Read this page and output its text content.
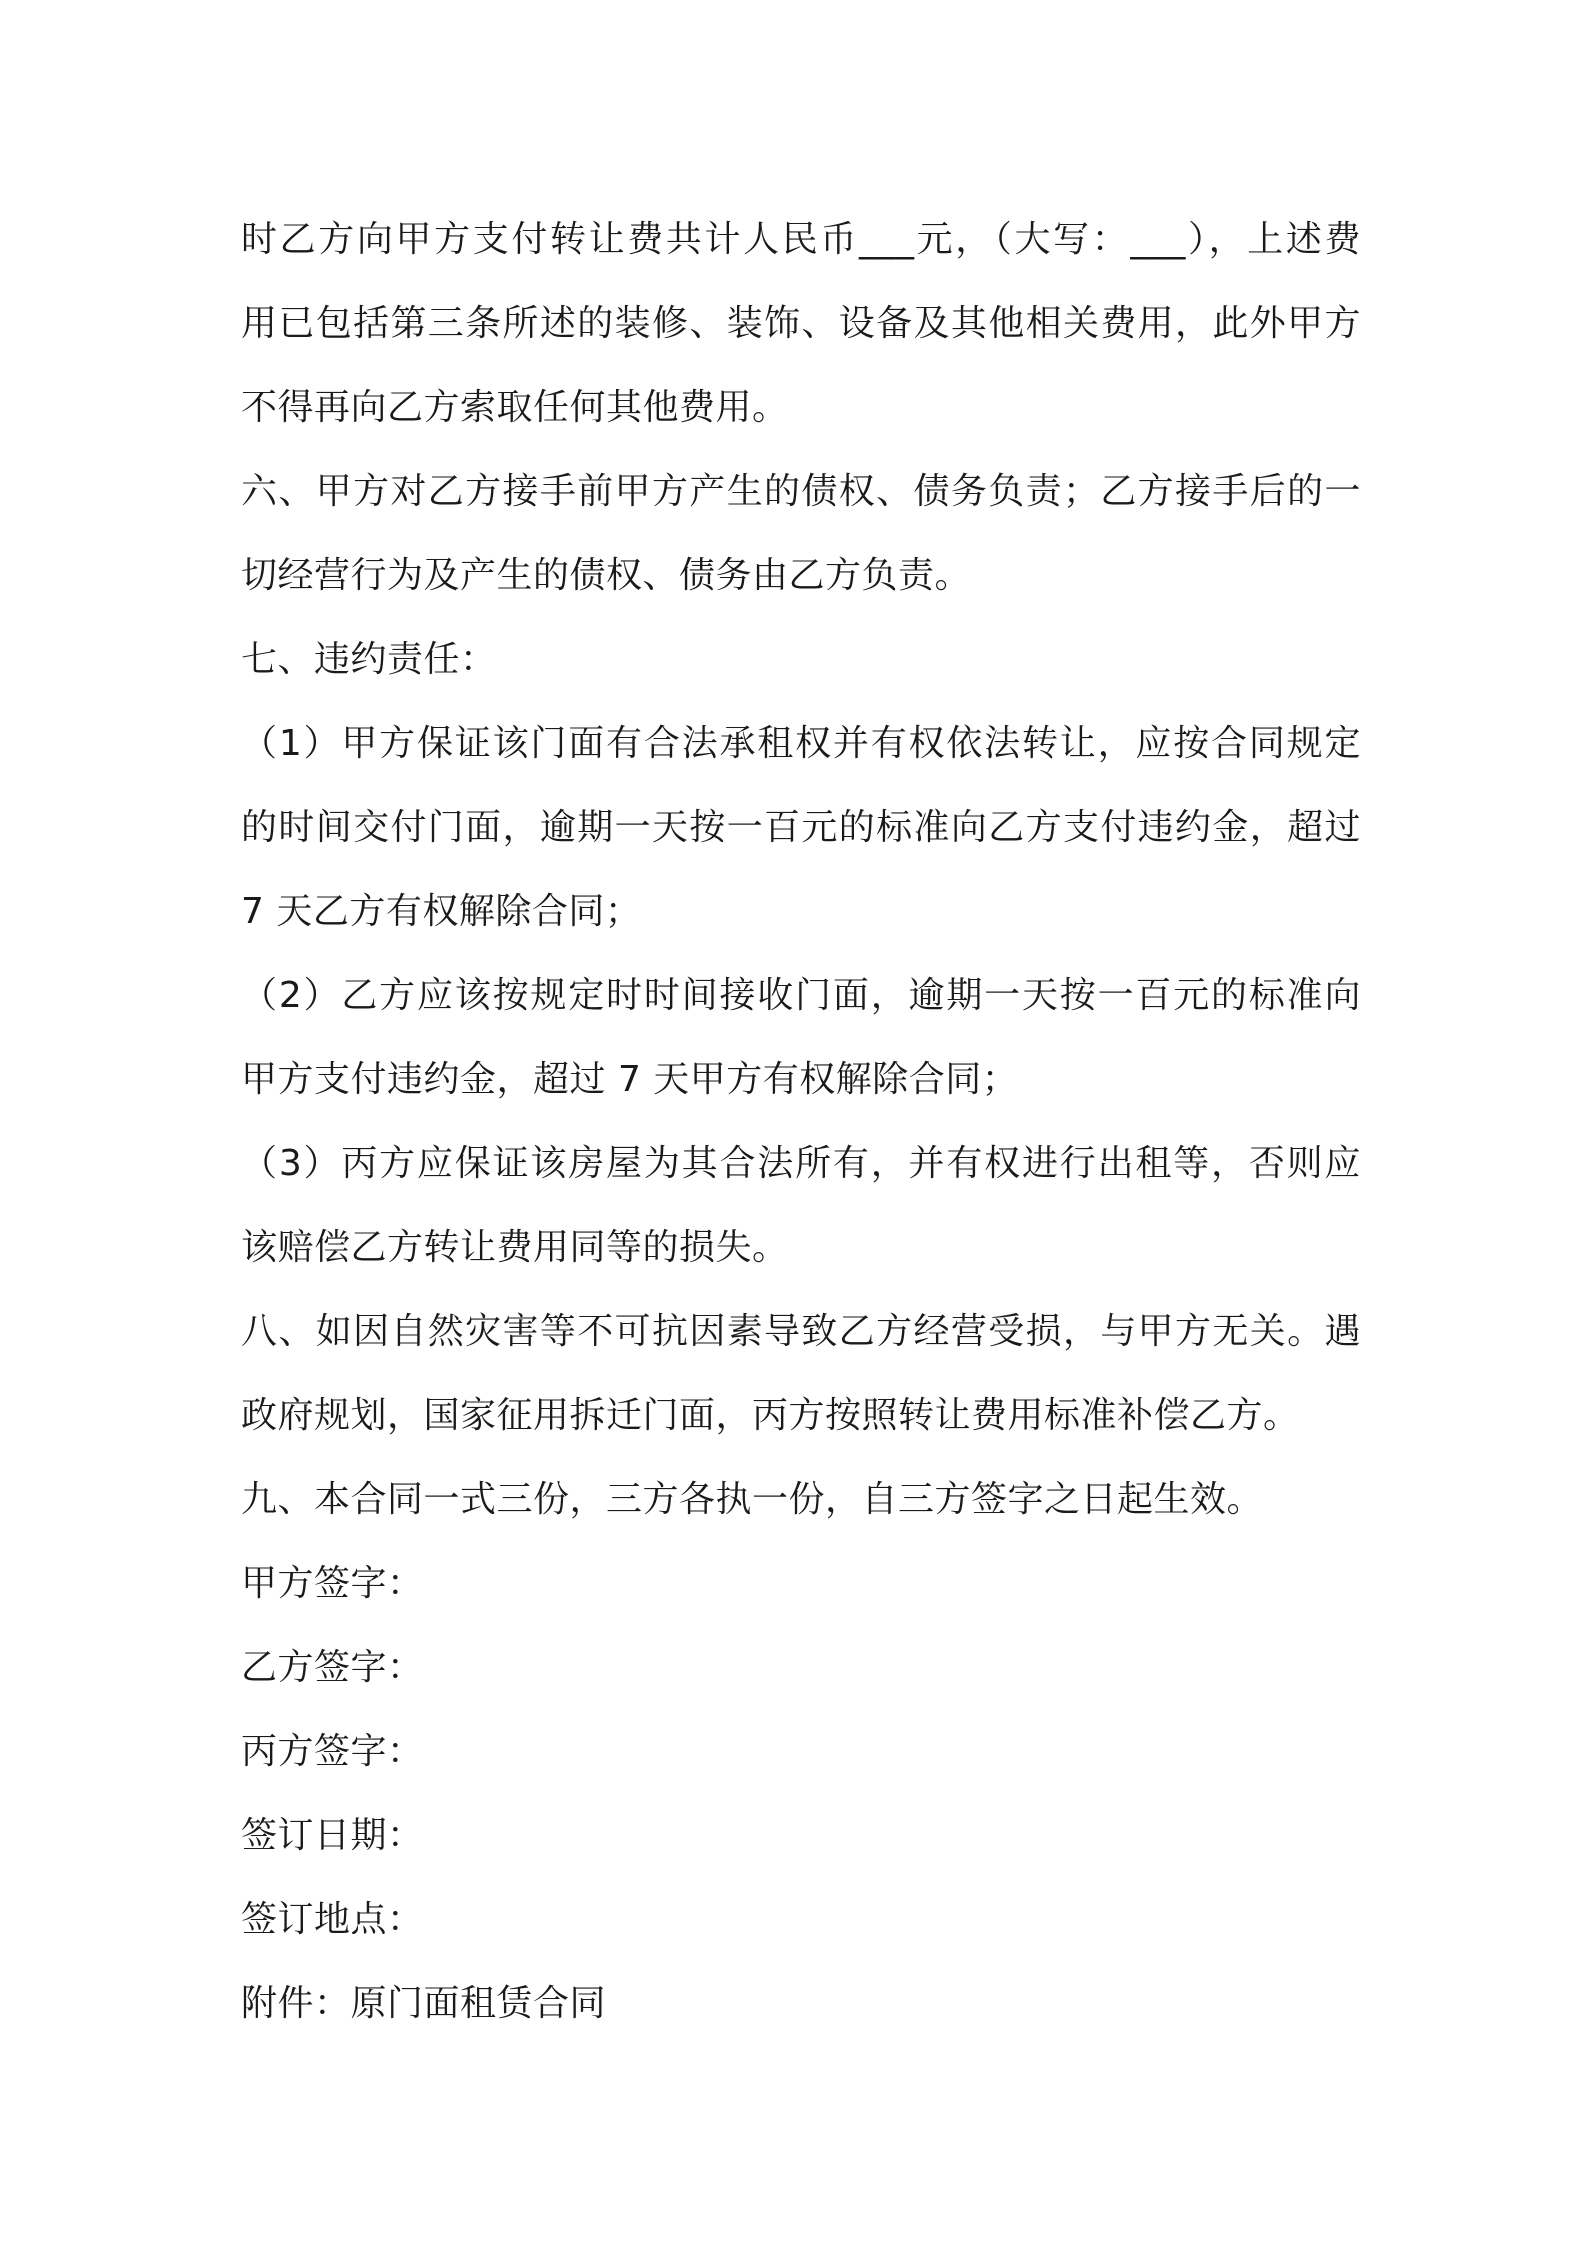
时乙方向甲方支付转让费共计人民币___元，（大写：___），上述费
用已包括第三条所述的装修、装饰、设备及其他相关费用，此外甲方
不得再向乙方索取任何其他费用。

六、甲方对乙方接手前甲方产生的债权、债务负责；乙方接手后的一
切经营行为及产生的债权、债务由乙方负责。

七、违约责任：

（1）甲方保证该门面有合法承租权并有权依法转让，应按合同规定
的时间交付门面，逾期一天按一百元的标准向乙方支付违约金，超过
7 天乙方有权解除合同；

（2）乙方应该按规定时时间接收门面，逾期一天按一百元的标准向
甲方支付违约金，超过 7 天甲方有权解除合同；

（3）丙方应保证该房屋为其合法所有，并有权进行出租等，否则应
该赔偿乙方转让费用同等的损失。

八、如因自然灾害等不可抗因素导致乙方经营受损，与甲方无关。遇
政府规划，国家征用拆迁门面，丙方按照转让费用标准补偿乙方。

九、本合同一式三份，三方各执一份，自三方签字之日起生效。

甲方签字：
乙方签字：
丙方签字：
签订日期：
签订地点：

附件：原门面租赁合同
